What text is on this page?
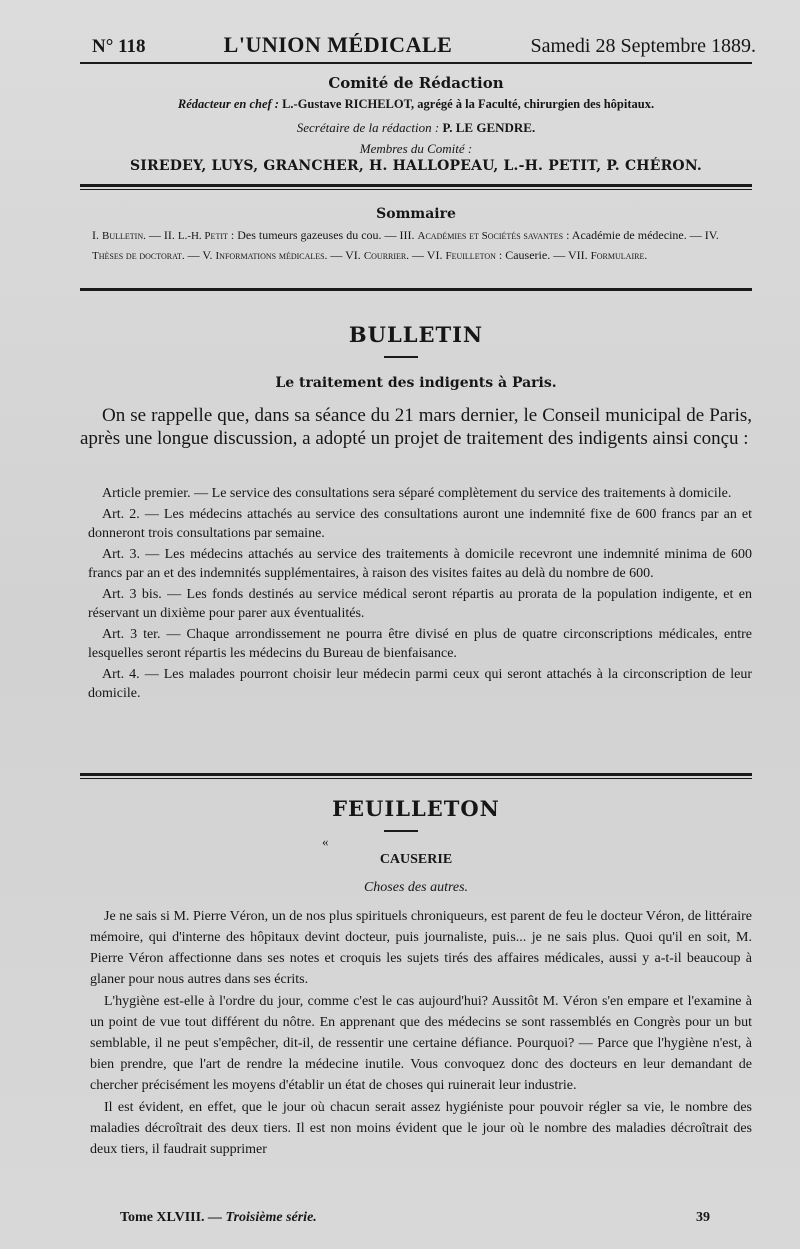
N° 118	L'UNION MÉDICALE	Samedi 28 Septembre 1889.
Comité de Rédaction
Rédacteur en chef : L.-Gustave RICHELOT, agrégé à la Faculté, chirurgien des hôpitaux.
Secrétaire de la rédaction : P. LE GENDRE.
Membres du Comité :
SIREDEY, LUYS, GRANCHER, H. HALLOPEAU, L.-H. PETIT, P. CHÉRON.
Sommaire
I. Bulletin. — II. L.-H. Petit : Des tumeurs gazeuses du cou. — III. Académies et Sociétés savantes : Académie de médecine. — IV. Thèses de doctorat. — V. Informations médicales. — VI. Courrier. — VI. Feuilleton : Causerie. — VII. Formulaire.
BULLETIN
Le traitement des indigents à Paris.

On se rappelle que, dans sa séance du 21 mars dernier, le Conseil municipal de Paris, après une longue discussion, a adopté un projet de traitement des indigents ainsi conçu :

Article premier. — Le service des consultations sera séparé complètement du service des traitements à domicile.

Art. 2. — Les médecins attachés au service des consultations auront une indemnité fixe de 600 francs par an et donneront trois consultations par semaine.

Art. 3. — Les médecins attachés au service des traitements à domicile recevront une indemnité minima de 600 francs par an et des indemnités supplémentaires, à raison des visites faites au delà du nombre de 600.

Art. 3 bis. — Les fonds destinés au service médical seront répartis au prorata de la population indigente, et en réservant un dixième pour parer aux éventualités.

Art. 3 ter. — Chaque arrondissement ne pourra être divisé en plus de quatre circonscriptions médicales, entre lesquelles seront répartis les médecins du Bureau de bienfaisance.

Art. 4. — Les malades pourront choisir leur médecin parmi ceux qui seront attachés à la circonscription de leur domicile.

FEUILLETON
«
CAUSERIE
Choses des autres.

Je ne sais si M. Pierre Véron, un de nos plus spirituels chroniqueurs, est parent de feu le docteur Véron, de littéraire mémoire, qui d'interne des hôpitaux devint docteur, puis journaliste, puis... je ne sais plus. Quoi qu'il en soit, M. Pierre Véron affectionne dans ses notes et croquis les sujets tirés des affaires médicales, aussi y a-t-il beaucoup à glaner pour nous autres dans ses écrits.

L'hygiène est-elle à l'ordre du jour, comme c'est le cas aujourd'hui? Aussitôt M. Véron s'en empare et l'examine à un point de vue tout différent du nôtre. En apprenant que des médecins se sont rassemblés en Congrès pour un but semblable, il ne peut s'empêcher, dit-il, de ressentir une certaine défiance. Pourquoi? — Parce que l'hygiène n'est, à bien prendre, que l'art de rendre la médecine inutile. Vous convoquez donc des docteurs en leur demandant de chercher précisément les moyens d'établir un état de choses qui ruinerait leur industrie.

Il est évident, en effet, que le jour où chacun serait assez hygiéniste pour pouvoir régler sa vie, le nombre des maladies décroîtrait des deux tiers. Il est non moins évident que le jour où le nombre des maladies décroîtrait des deux tiers, il faudrait supprimer

Tome XLVIII. — Troisième série.	39
